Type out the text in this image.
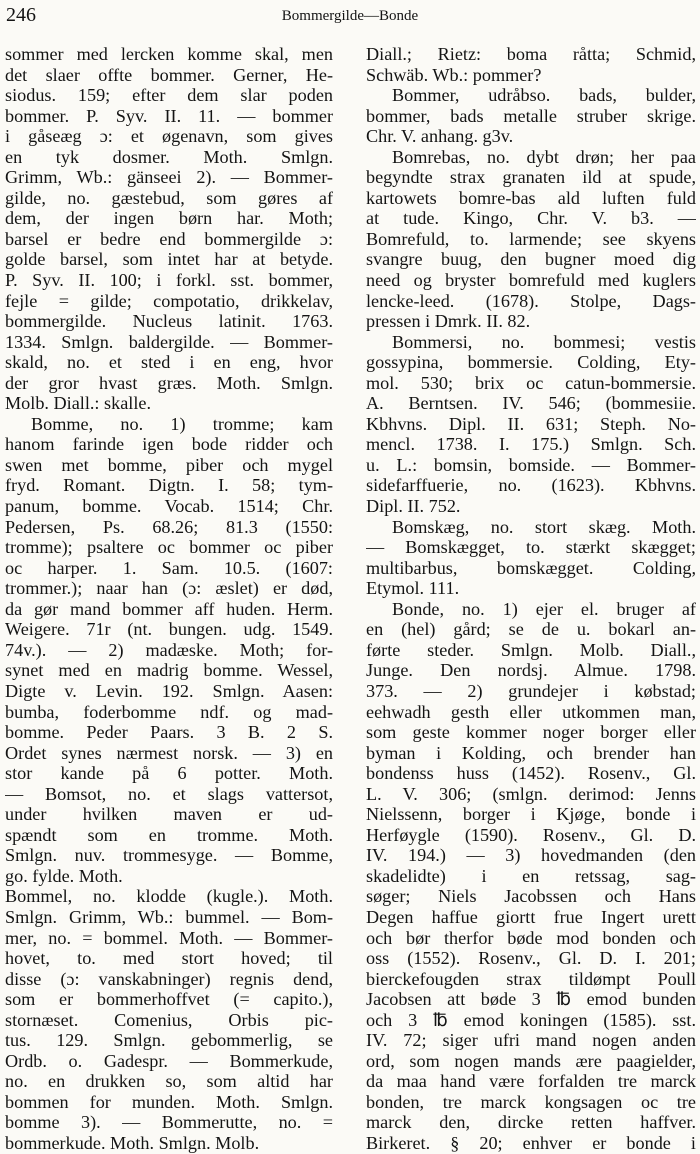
246	Bommergilde—Bonde
sommer med lercken komme skal, men
det slaer offte bommer. Gerner, He-
siodus. 159; efter dem slar poden
bommer. P. Syv. II. 11. — bommer
i gåseæg ɔ: et øgenavn, som gives
en tyk dosmer. Moth. Smlgn.
Grimm, Wb.: gänseei 2). — Bommer-
gilde, no. gæstebud, som gøres af
dem, der ingen børn har. Moth;
barsel er bedre end bommergilde ɔ:
golde barsel, som intet har at betyde.
P. Syv. II. 100; i forkl. sst. bommer,
fejle = gilde; compotatio, drikkelav,
bommergilde. Nucleus latinit. 1763.
1334. Smlgn. baldergilde. — Bommer-
skald, no. et sted i en eng, hvor
der gror hvast græs. Moth. Smlgn.
Molb. Diall.: skalle.
Bomme, no. 1) tromme; kam
hanom farinde igen bode ridder och
swen met bomme, piber och mygel
fryd. Romant. Digtn. I. 58; tym-
panum, bomme. Vocab. 1514; Chr.
Pedersen, Ps. 68.26; 81.3 (1550:
tromme); psaltere oc bommer oc piber
oc harper. 1. Sam. 10.5. (1607:
trommer.); naar han (ɔ: æslet) er død,
da gør mand bommer aff huden. Herm.
Weigere. 71r (nt. bungen. udg. 1549.
74v.). — 2) madæske. Moth; for-
synet med en madrig bomme. Wessel,
Digte v. Levin. 192. Smlgn. Aasen:
bumba, foderbomme ndf. og mad-
bomme. Peder Paars. 3 B. 2 S.
Ordet synes nærmest norsk. — 3) en
stor kande på 6 potter. Moth.
— Bomsot, no. et slags vattersot,
under hvilken maven er ud-
spændt som en tromme. Moth.
Smlgn. nuv. trommesyge. — Bomme,
go. fylde. Moth.
Bommel, no. klodde (kugle.). Moth.
Smlgn. Grimm, Wb.: bummel. — Bom-
mer, no. = bommel. Moth. — Bommer-
hovet, to. med stort hoved; til
disse (ɔ: vanskabninger) regnis dend,
som er bommerhoffvet (= capito.),
stornæset. Comenius, Orbis pic-
tus. 129. Smlgn. gebommerlig, se
Ordb. o. Gadespr. — Bommerkude,
no. en drukken so, som altid har
bommen for munden. Moth. Smlgn.
bomme 3). — Bommerutte, no. =
bommerkude. Moth. Smlgn. Molb.
Diall.; Rietz: boma råtta; Schmid,
Schwäb. Wb.: pommer?
Bommer, udråbso. bads, bulder,
bommer, bads metalle struber skrige.
Chr. V. anhang. g3v.
Bomrebas, no. dybt drøn; her paa
begyndte strax granaten ild at spude,
kartowets bomre-bas ald luften fuld
at tude. Kingo, Chr. V. b3. —
Bomrefuld, to. larmende; see skyens
svangre buug, den bugner moed dig
need og bryster bomrefuld med kuglers
lencke-leed. (1678). Stolpe, Dags-
pressen i Dmrk. II. 82.
Bommersi, no. bommesi; vestis
gossypina, bommersie. Colding, Ety-
mol. 530; brix oc catun-bommersie.
A. Berntsen. IV. 546; (bommesiie.
Kbhvns. Dipl. II. 631; Steph. No-
mencl. 1738. I. 175.) Smlgn. Sch.
u. L.: bomsin, bomside. — Bommer-
sidefarffuerie, no. (1623). Kbhvns.
Dipl. II. 752.
Bomskæg, no. stort skæg. Moth.
— Bomskægget, to. stærkt skægget;
multibarbus, bomskægget. Colding,
Etymol. 111.
Bonde, no. 1) ejer el. bruger af
en (hel) gård; se de u. bokarl an-
førte steder. Smlgn. Molb. Diall.,
Junge. Den nordsj. Almue. 1798.
373. — 2) grundejer i købstad;
eehwadh gesth eller utkommen man,
som geste kommer noger borger eller
byman i Kolding, och brender han
bondenss huss (1452). Rosenv., Gl.
L. V. 306; (smlgn. derimod: Jenns
Nielssenn, borger i Kjøge, bonde i
Herføygle (1590). Rosenv., Gl. D.
IV. 194.) — 3) hovedmanden (den
skadelidte) i en retssag, sag-
søger; Niels Jacobssen och Hans
Degen haffue giortt frue Ingert urett
och bør therfor bøde mod bonden och
oss (1552). Rosenv., Gl. D. I. 201;
bierckefougden strax tildømpt Poull
Jacobsen att bøde 3 ℔ emod bunden
och 3 ℔ emod koningen (1585). sst.
IV. 72; siger ufri mand nogen anden
ord, som nogen mands ære paagielder,
da maa hand være forfalden tre marck
bonden, tre marck kongsagen oc tre
marck den, dircke retten haffver.
Birkeret. § 20; enhver er bonde i
